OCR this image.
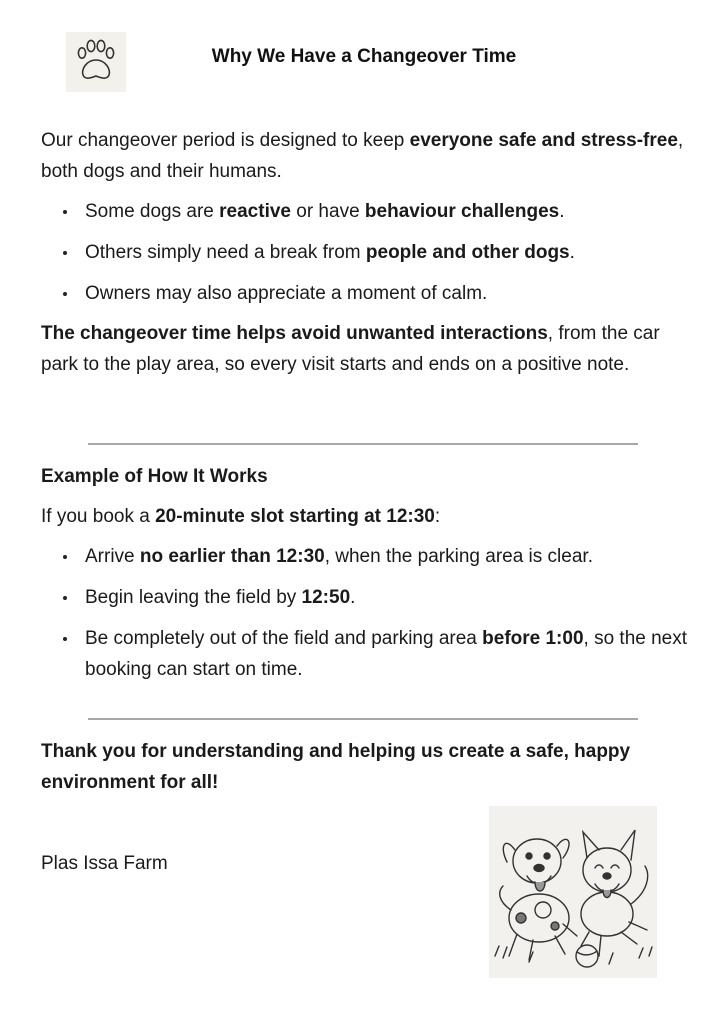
Why We Have a Changeover Time

Our changeover period is designed to keep everyone safe and stress-free, both dogs and their humans.

Some dogs are reactive or have behaviour challenges.
Others simply need a break from people and other dogs.
Owners may also appreciate a moment of calm.

The changeover time helps avoid unwanted interactions, from the car park to the play area, so every visit starts and ends on a positive note.

Example of How It Works

If you book a 20-minute slot starting at 12:30:

Arrive no earlier than 12:30, when the parking area is clear.
Begin leaving the field by 12:50.
Be completely out of the field and parking area before 1:00, so the next booking can start on time.

Thank you for understanding and helping us create a safe, happy environment for all!

Plas Issa Farm
